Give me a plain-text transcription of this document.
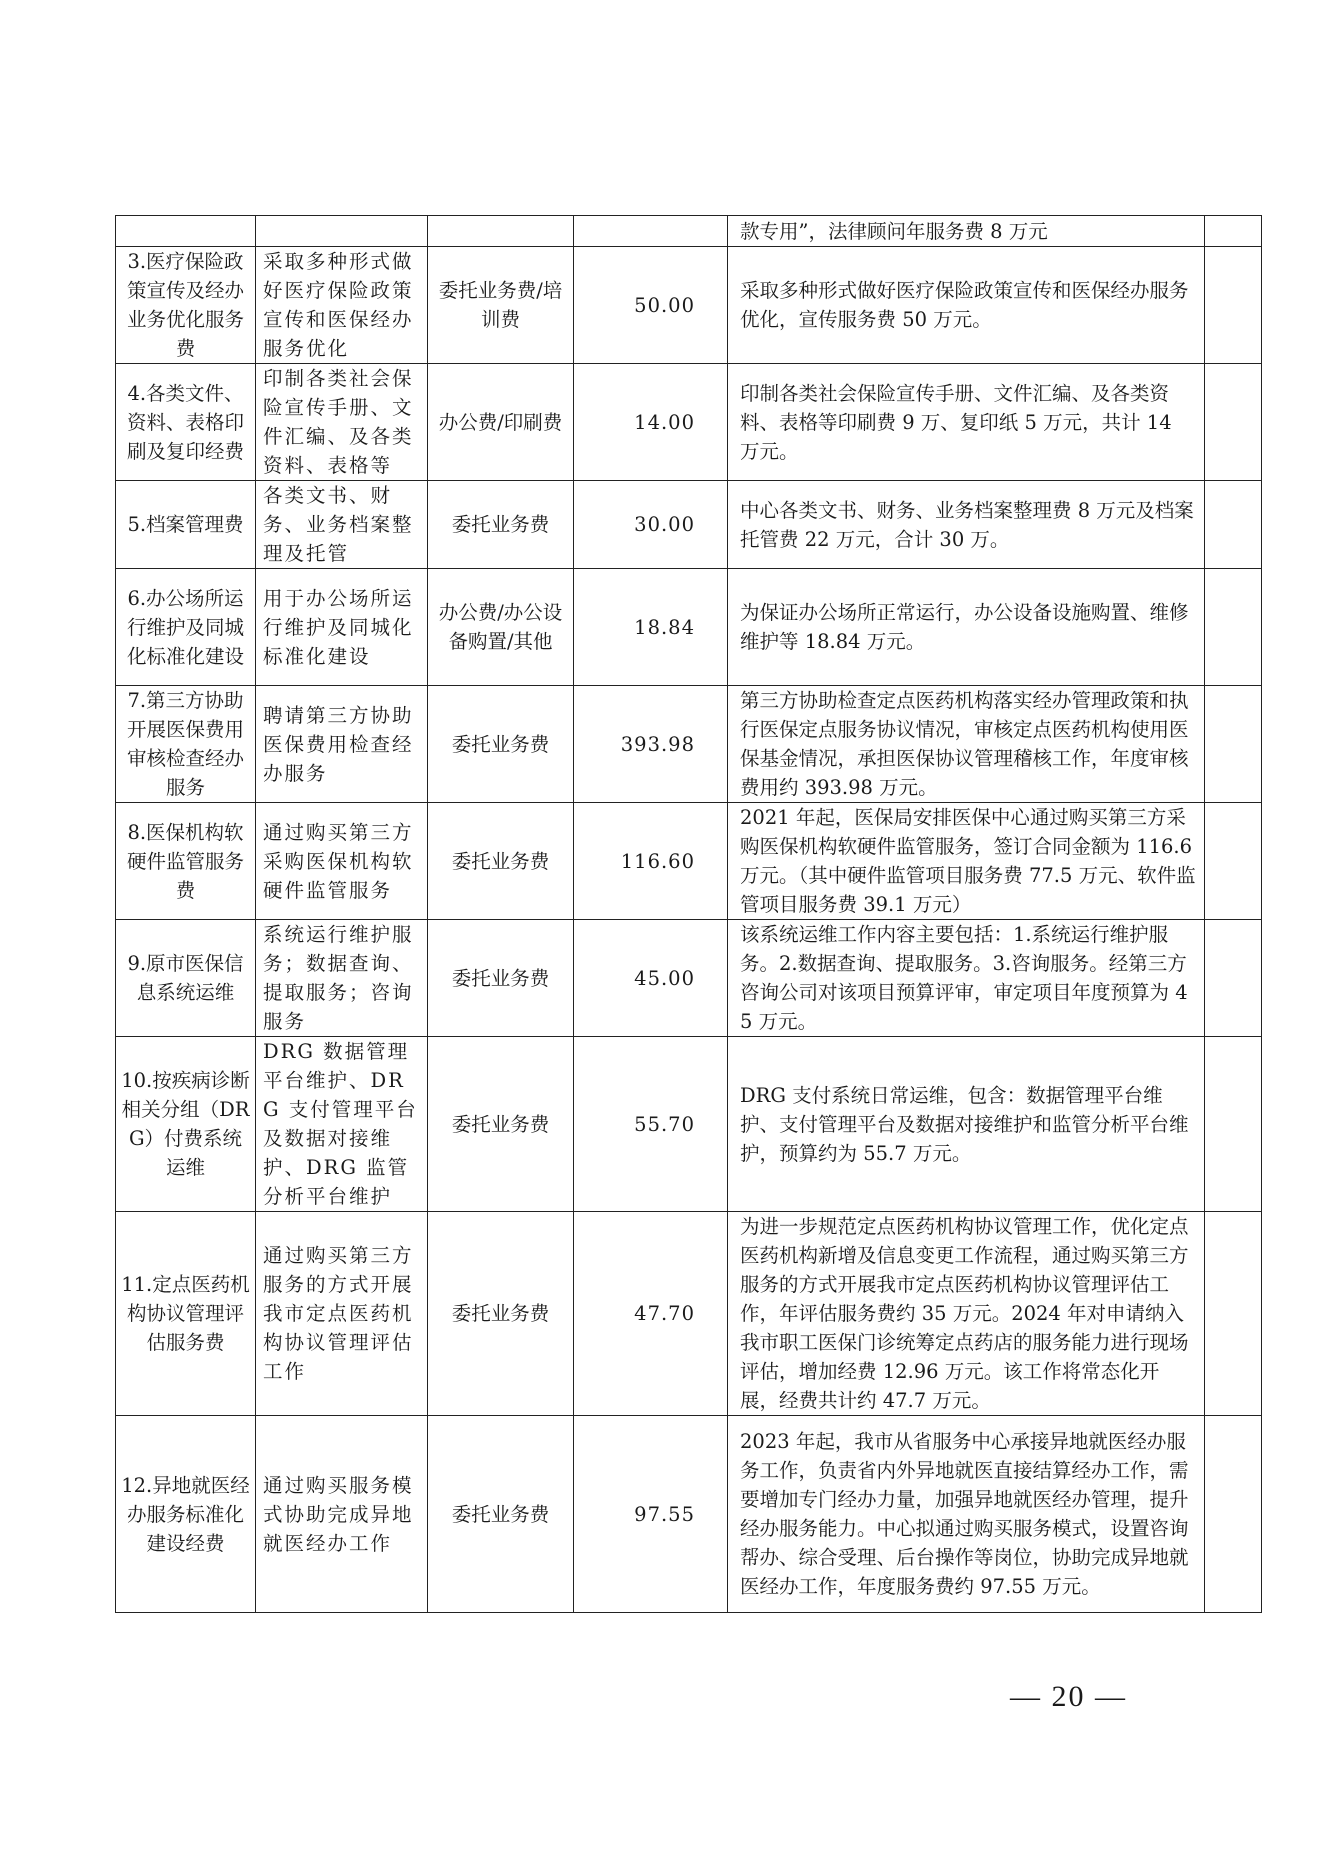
				款专用”，法律顾问年服务费 8 万元	
3.医疗保险政策宣传及经办业务优化服务费	采取多种形式做好医疗保险政策宣传和医保经办服务优化	委托业务费/培训费	50.00	采取多种形式做好医疗保险政策宣传和医保经办服务优化，宣传服务费 50 万元。	
4.各类文件、资料、表格印刷及复印经费	印制各类社会保险宣传手册、文件汇编、及各类资料、表格等	办公费/印刷费	14.00	印制各类社会保险宣传手册、文件汇编、及各类资料、表格等印刷费 9 万、复印纸 5 万元，共计 14 万元。	
5.档案管理费	各类文书、财务、业务档案整理及托管	委托业务费	30.00	中心各类文书、财务、业务档案整理费 8 万元及档案托管费 22 万元，合计 30 万。	
6.办公场所运行维护及同城化标准化建设	用于办公场所运行维护及同城化标准化建设	办公费/办公设备购置/其他	18.84	为保证办公场所正常运行，办公设备设施购置、维修维护等 18.84 万元。	
7.第三方协助开展医保费用审核检查经办服务	聘请第三方协助医保费用检查经办服务	委托业务费	393.98	第三方协助检查定点医药机构落实经办管理政策和执行医保定点服务协议情况，审核定点医药机构使用医保基金情况，承担医保协议管理稽核工作，年度审核费用约 393.98 万元。	
8.医保机构软硬件监管服务费	通过购买第三方采购医保机构软硬件监管服务	委托业务费	116.60	2021 年起，医保局安排医保中心通过购买第三方采购医保机构软硬件监管服务，签订合同金额为 116.6 万元。（其中硬件监管项目服务费 77.5 万元、软件监管项目服务费 39.1 万元）	
9.原市医保信息系统运维	系统运行维护服务；数据查询、提取服务；咨询服务	委托业务费	45.00	该系统运维工作内容主要包括：1.系统运行维护服务。2.数据查询、提取服务。3.咨询服务。经第三方咨询公司对该项目预算评审，审定项目年度预算为 45 万元。	
10.按疾病诊断相关分组（DRG）付费系统运维	DRG 数据管理平台维护、DRG 支付管理平台及数据对接维护、DRG 监管分析平台维护	委托业务费	55.70	DRG 支付系统日常运维，包含：数据管理平台维护、支付管理平台及数据对接维护和监管分析平台维护，预算约为 55.7 万元。	
11.定点医药机构协议管理评估服务费	通过购买第三方服务的方式开展我市定点医药机构协议管理评估工作	委托业务费	47.70	为进一步规范定点医药机构协议管理工作，优化定点医药机构新增及信息变更工作流程，通过购买第三方服务的方式开展我市定点医药机构协议管理评估工作，年评估服务费约 35 万元。2024 年对申请纳入我市职工医保门诊统筹定点药店的服务能力进行现场评估，增加经费 12.96 万元。该工作将常态化开展，经费共计约 47.7 万元。	
12.异地就医经办服务标准化建设经费	通过购买服务模式协助完成异地就医经办工作	委托业务费	97.55	2023 年起，我市从省服务中心承接异地就医经办服务工作，负责省内外异地就医直接结算经办工作，需要增加专门经办力量，加强异地就医经办管理，提升经办服务能力。中心拟通过购买服务模式，设置咨询帮办、综合受理、后台操作等岗位，协助完成异地就医经办工作，年度服务费约 97.55 万元。	
— 20 —
